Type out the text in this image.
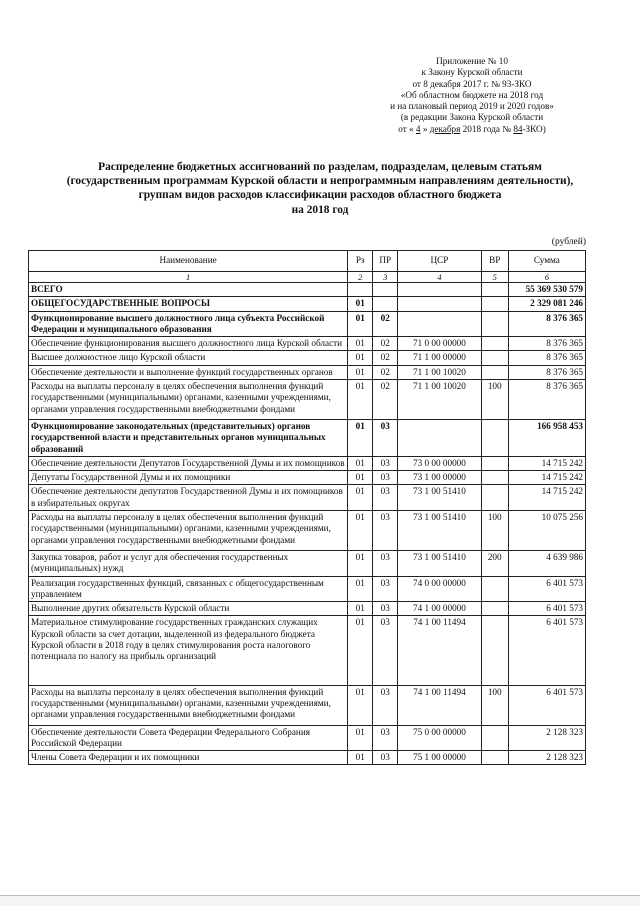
Приложение № 10
к Закону Курской области
от 8 декабря 2017 г. № 93-ЗКО
«Об областном бюджете на 2018 год
и на плановый период 2019 и 2020 годов»
(в редакции Закона Курской области
от « 4 » декабря 2018 года № 84-ЗКО)
Распределение бюджетных ассигнований по разделам, подразделам, целевым статьям
(государственным программам Курской области и непрограммным направлениям деятельности),
группам видов расходов классификации расходов областного бюджета
на 2018 год
(рублей)
Наименование	Рз	ПР	ЦСР	ВР	Сумма
1	2	3	4	5	6
ВСЕГО					55 369 530 579
ОБЩЕГОСУДАРСТВЕННЫЕ ВОПРОСЫ	01				2 329 081 246
Функционирование высшего должностного лица субъекта Российской Федерации и муниципального образования	01	02			8 376 365
Обеспечение функционирования высшего должностного лица Курской области	01	02	71 0 00 00000		8 376 365
Высшее должностное лицо Курской области	01	02	71 1 00 00000		8 376 365
Обеспечение деятельности и выполнение функций государственных органов	01	02	71 1 00 10020		8 376 365
Расходы на выплаты персоналу в целях обеспечения выполнения функций государственными (муниципальными) органами, казенными учреждениями, органами управления государственными внебюджетными фондами	01	02	71 1 00 10020	100	8 376 365
Функционирование законодательных (представительных) органов государственной власти и представительных органов муниципальных образований	01	03			166 958 453
Обеспечение деятельности Депутатов Государственной Думы и их помощников	01	03	73 0 00 00000		14 715 242
Депутаты Государственной Думы и их помощники	01	03	73 1 00 00000		14 715 242
Обеспечение деятельности депутатов Государственной Думы и их помощников в избирательных округах	01	03	73 1 00 51410		14 715 242
Расходы на выплаты персоналу в целях обеспечения выполнения функций государственными (муниципальными) органами, казенными учреждениями, органами управления государственными внебюджетными фондами	01	03	73 1 00 51410	100	10 075 256
Закупка товаров, работ и услуг для обеспечения государственных (муниципальных) нужд	01	03	73 1 00 51410	200	4 639 986
Реализация государственных функций, связанных с общегосударственным управлением	01	03	74 0 00 00000		6 401 573
Выполнение других обязательств Курской области	01	03	74 1 00 00000		6 401 573
Материальное стимулирование государственных гражданских служащих Курской области за счет дотации, выделенной из федерального бюджета Курской области в 2018 году в целях стимулирования роста налогового потенциала по налогу на прибыль организаций	01	03	74 1 00 11494		6 401 573
Расходы на выплаты персоналу в целях обеспечения выполнения функций государственными (муниципальными) органами, казенными учреждениями, органами управления государственными внебюджетными фондами	01	03	74 1 00 11494	100	6 401 573
Обеспечение деятельности Совета Федерации Федерального Собрания Российской Федерации	01	03	75 0 00 00000		2 128 323
Члены Совета Федерации и их помощники	01	03	75 1 00 00000		2 128 323
